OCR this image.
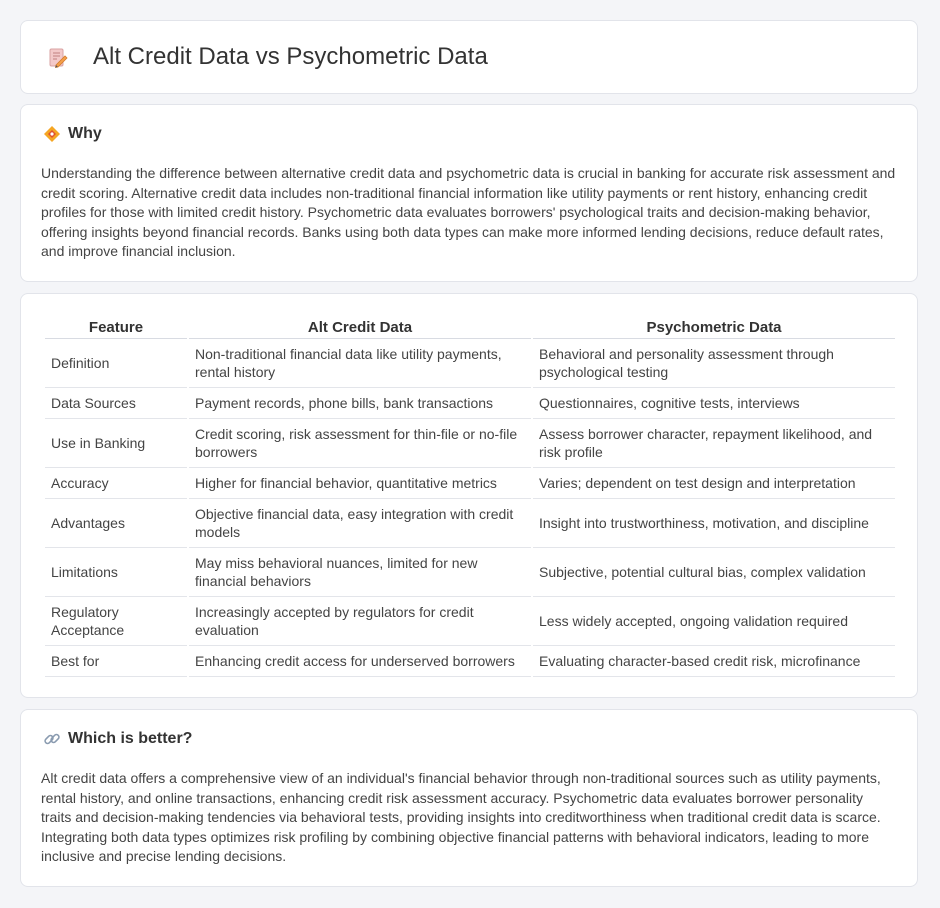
Alt Credit Data vs Psychometric Data
Why

Understanding the difference between alternative credit data and psychometric data is crucial in banking for accurate risk assessment and credit scoring. Alternative credit data includes non-traditional financial information like utility payments or rent history, enhancing credit profiles for those with limited credit history. Psychometric data evaluates borrowers' psychological traits and decision-making behavior, offering insights beyond financial records. Banks using both data types can make more informed lending decisions, reduce default rates, and improve financial inclusion.

Feature	Alt Credit Data	Psychometric Data
Definition	Non-traditional financial data like utility payments, rental history	Behavioral and personality assessment through psychological testing
Data Sources	Payment records, phone bills, bank transactions	Questionnaires, cognitive tests, interviews
Use in Banking	Credit scoring, risk assessment for thin-file or no-file borrowers	Assess borrower character, repayment likelihood, and risk profile
Accuracy	Higher for financial behavior, quantitative metrics	Varies; dependent on test design and interpretation
Advantages	Objective financial data, easy integration with credit models	Insight into trustworthiness, motivation, and discipline
Limitations	May miss behavioral nuances, limited for new financial behaviors	Subjective, potential cultural bias, complex validation
Regulatory Acceptance	Increasingly accepted by regulators for credit evaluation	Less widely accepted, ongoing validation required
Best for	Enhancing credit access for underserved borrowers	Evaluating character-based credit risk, microfinance
Which is better?

Alt credit data offers a comprehensive view of an individual's financial behavior through non-traditional sources such as utility payments, rental history, and online transactions, enhancing credit risk assessment accuracy. Psychometric data evaluates borrower personality traits and decision-making tendencies via behavioral tests, providing insights into creditworthiness when traditional credit data is scarce. Integrating both data types optimizes risk profiling by combining objective financial patterns with behavioral indicators, leading to more inclusive and precise lending decisions.
